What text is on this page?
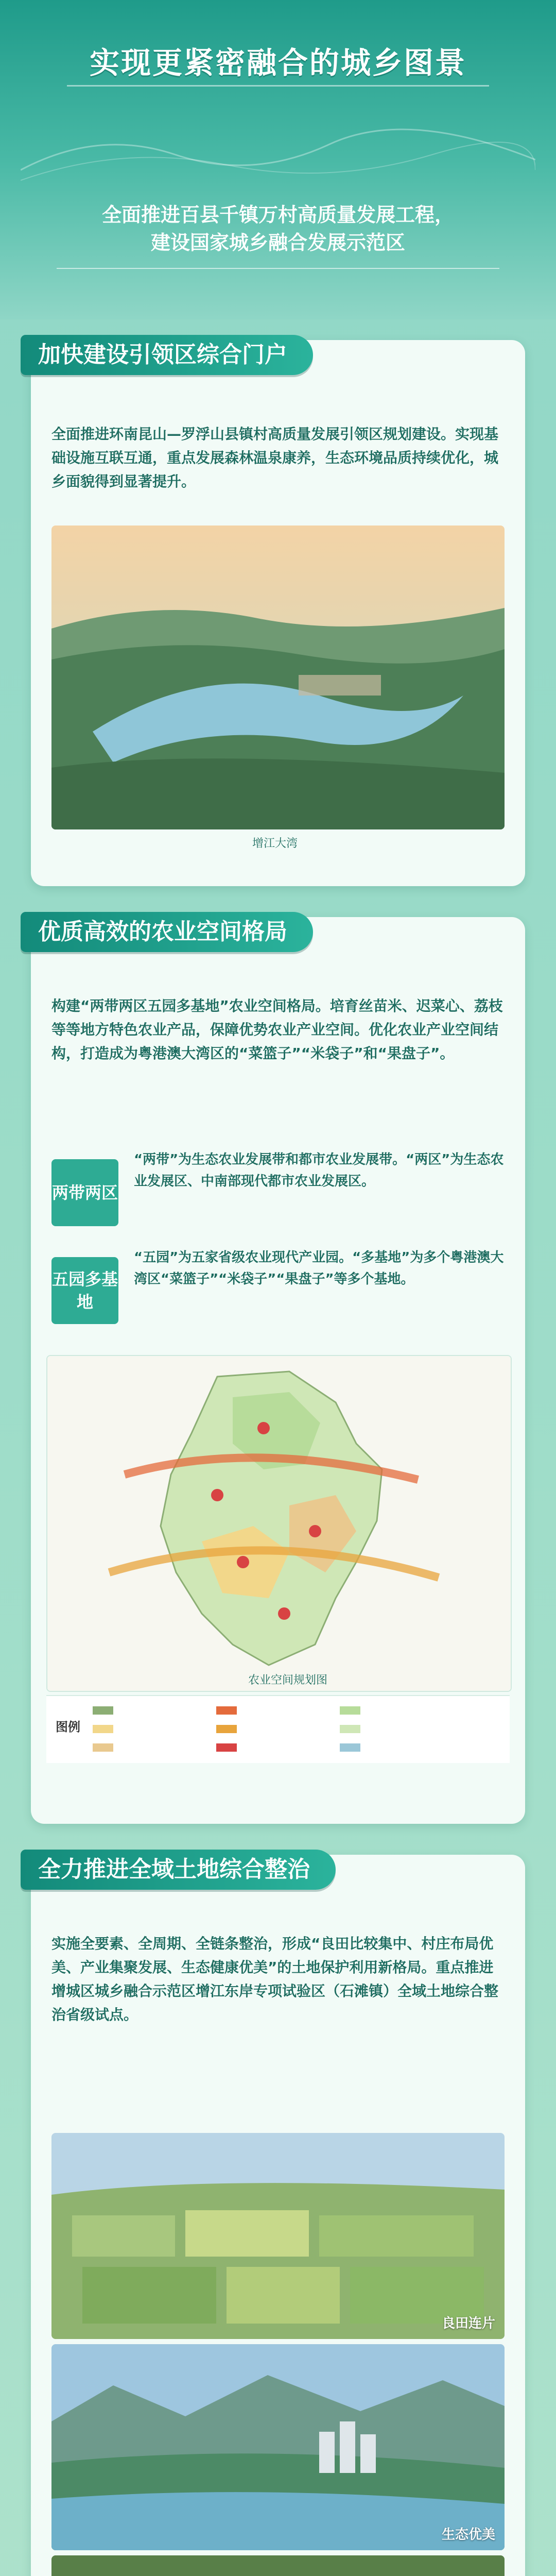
实现更紧密融合的城乡图景
全面推进百县千镇万村高质量发展工程，
建设国家城乡融合发展示范区
加快建设引领区综合门户
全面推进环南昆山—罗浮山县镇村高质量发展引领区规划建设。实现基础设施互联互通，重点发展森林温泉康养，生态环境品质持续优化，城乡面貌得到显著提升。
增江大湾
优质高效的农业空间格局
构建“两带两区五园多基地”农业空间格局。培育丝苗米、迟菜心、荔枝等等地方特色农业产品，保障优势农业产业空间。优化农业产业空间结构，打造成为粤港澳大湾区的“菜篮子”“米袋子”和“果盘子”。
两带两区
“两带”为生态农业发展带和都市农业发展带。“两区”为生态农业发展区、中南部现代都市农业发展区。
五园多基地
“五园”为五家省级农业现代产业园。“多基地”为多个粤港澳大湾区“菜篮子”“米袋子”“果盘子”等多个基地。
农业空间规划图
图例
全力推进全域土地综合整治
实施全要素、全周期、全链条整治，形成“良田比较集中、村庄布局优美、产业集聚发展、生态健康优美”的土地保护利用新格局。重点推进增城区城乡融合示范区增江东岸专项试验区（石滩镇）全域土地综合整治省级试点。
良田连片
生态优美
